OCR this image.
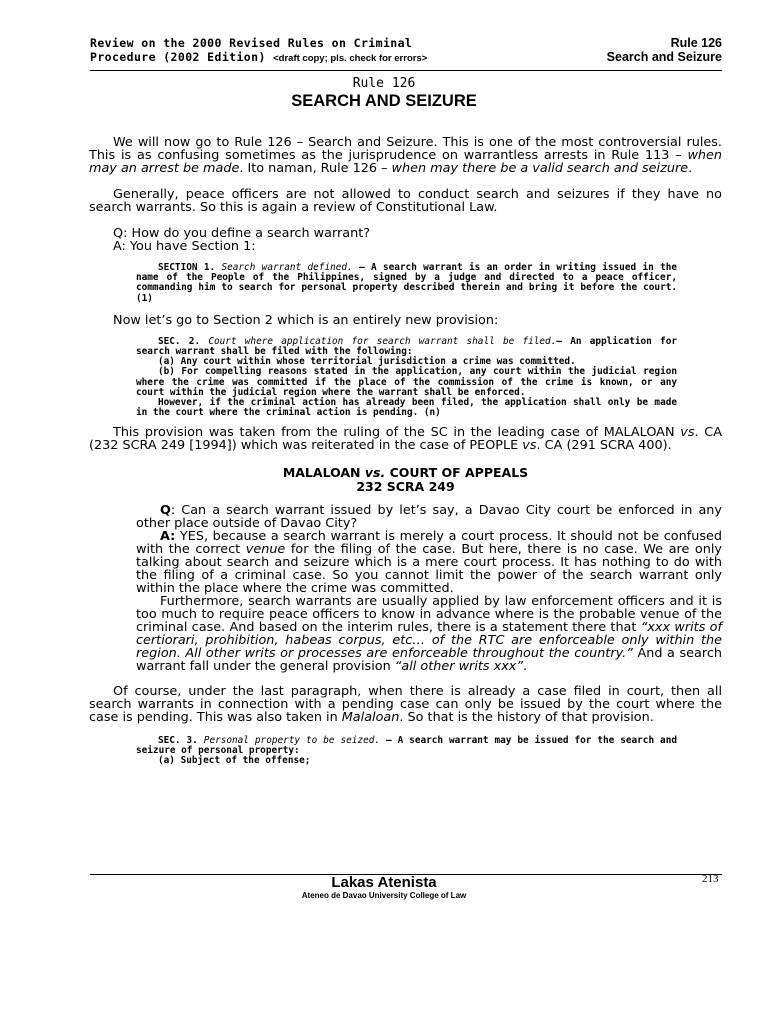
Review on the 2000 Revised Rules on Criminal
Procedure (2002 Edition) <draft copy; pls. check for errors>
Rule 126
Search and Seizure
Rule 126
SEARCH AND SEIZURE

We will now go to Rule 126 – Search and Seizure. This is one of the most controversial rules. This is as confusing sometimes as the jurisprudence on warrantless arrests in Rule 113 – when may an arrest be made. Ito naman, Rule 126 – when may there be a valid search and seizure.

Generally, peace officers are not allowed to conduct search and seizures if they have no search warrants. So this is again a review of Constitutional Law.

Q: How do you define a search warrant?

A: You have Section 1:

SECTION 1. Search warrant defined. – A search warrant is an order in writing issued in the name of the People of the Philippines, signed by a judge and directed to a peace officer, commanding him to search for personal property described therein and bring it before the court. (1)

Now let’s go to Section 2 which is an entirely new provision:

SEC. 2. Court where application for search warrant shall be filed.– An application for search warrant shall be filed with the following:

(a) Any court within whose territorial jurisdiction a crime was committed.

(b) For compelling reasons stated in the application, any court within the judicial region where the crime was committed if the place of the commission of the crime is known, or any court within the judicial region where the warrant shall be enforced.

However, if the criminal action has already been filed, the application shall only be made in the court where the criminal action is pending. (n)

This provision was taken from the ruling of the SC in the leading case of MALALOAN vs. CA (232 SCRA 249 [1994]) which was reiterated in the case of PEOPLE vs. CA (291 SCRA 400).

MALALOAN vs. COURT OF APPEALS
232 SCRA 249

Q: Can a search warrant issued by let’s say, a Davao City court be enforced in any other place outside of Davao City?

A: YES, because a search warrant is merely a court process. It should not be confused with the correct venue for the filing of the case. But here, there is no case. We are only talking about search and seizure which is a mere court process. It has nothing to do with the filing of a criminal case. So you cannot limit the power of the search warrant only within the place where the crime was committed.

Furthermore, search warrants are usually applied by law enforcement officers and it is too much to require peace officers to know in advance where is the probable venue of the criminal case. And based on the interim rules, there is a statement there that “xxx writs of certiorari, prohibition, habeas corpus, etc… of the RTC are enforceable only within the region. All other writs or processes are enforceable throughout the country.” And a search warrant fall under the general provision “all other writs xxx”.

Of course, under the last paragraph, when there is already a case filed in court, then all search warrants in connection with a pending case can only be issued by the court where the case is pending. This was also taken in Malaloan. So that is the history of that provision.

SEC. 3. Personal property to be seized. – A search warrant may be issued for the search and seizure of personal property:

(a) Subject of the offense;

Lakas Atenista
Ateneo de Davao University College of Law
213
